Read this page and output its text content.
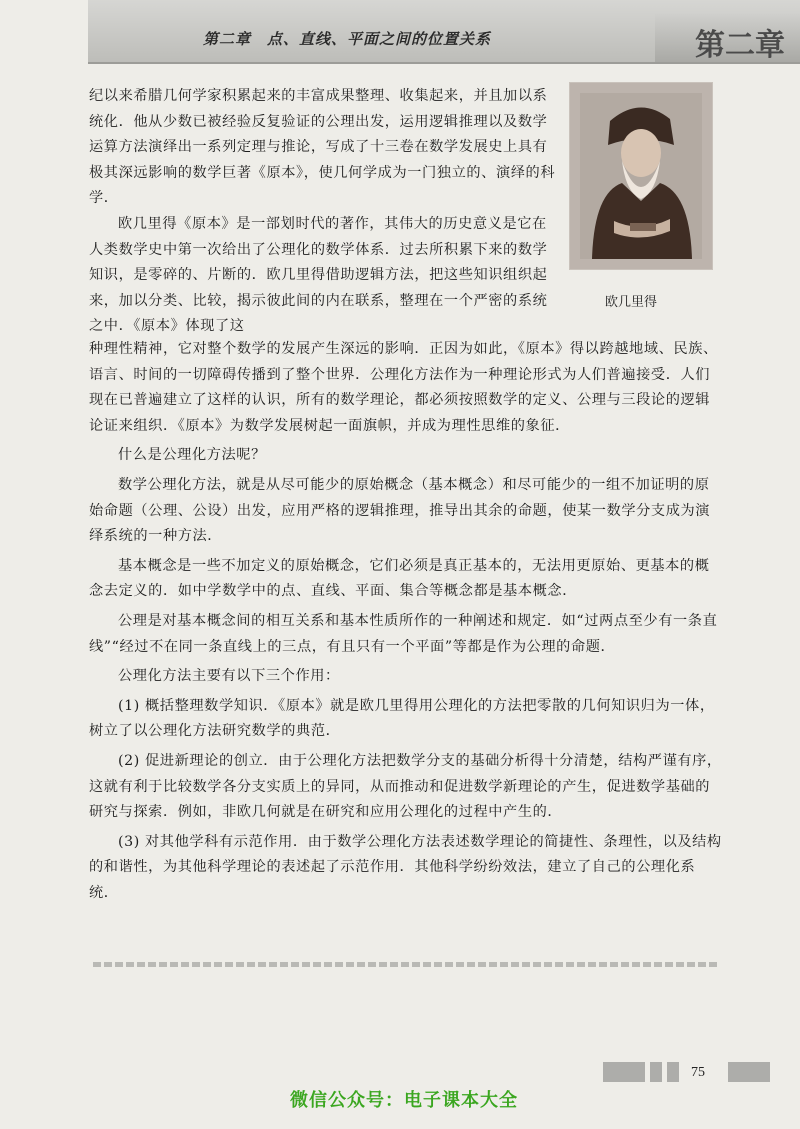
第二章　点、直线、平面之间的位置关系	第二章
欧几里得

纪以来希腊几何学家积累起来的丰富成果整理、收集起来，并且加以系统化．他从少数已被经验反复验证的公理出发，运用逻辑推理以及数学运算方法演绎出一系列定理与推论，写成了十三卷在数学发展史上具有极其深远影响的数学巨著《原本》，使几何学成为一门独立的、演绎的科学．

欧几里得《原本》是一部划时代的著作，其伟大的历史意义是它在人类数学史中第一次给出了公理化的数学体系．过去所积累下来的数学知识，是零碎的、片断的．欧几里得借助逻辑方法，把这些知识组织起来，加以分类、比较，揭示彼此间的内在联系，整理在一个严密的系统之中．《原本》体现了这

种理性精神，它对整个数学的发展产生深远的影响．正因为如此，《原本》得以跨越地域、民族、语言、时间的一切障碍传播到了整个世界．公理化方法作为一种理论形式为人们普遍接受．人们现在已普遍建立了这样的认识，所有的数学理论，都必须按照数学的定义、公理与三段论的逻辑论证来组织．《原本》为数学发展树起一面旗帜，并成为理性思维的象征．

什么是公理化方法呢？

数学公理化方法，就是从尽可能少的原始概念（基本概念）和尽可能少的一组不加证明的原始命题（公理、公设）出发，应用严格的逻辑推理，推导出其余的命题，使某一数学分支成为演绎系统的一种方法．

基本概念是一些不加定义的原始概念，它们必须是真正基本的，无法用更原始、更基本的概念去定义的．如中学数学中的点、直线、平面、集合等概念都是基本概念．

公理是对基本概念间的相互关系和基本性质所作的一种阐述和规定．如“过两点至少有一条直线”“经过不在同一条直线上的三点，有且只有一个平面”等都是作为公理的命题．

公理化方法主要有以下三个作用：

(1) 概括整理数学知识．《原本》就是欧几里得用公理化的方法把零散的几何知识归为一体，树立了以公理化方法研究数学的典范．

(2) 促进新理论的创立．由于公理化方法把数学分支的基础分析得十分清楚，结构严谨有序，这就有利于比较数学各分支实质上的异同，从而推动和促进数学新理论的产生，促进数学基础的研究与探索．例如，非欧几何就是在研究和应用公理化的过程中产生的．

(3) 对其他学科有示范作用．由于数学公理化方法表述数学理论的简捷性、条理性，以及结构的和谐性，为其他科学理论的表述起了示范作用．其他科学纷纷效法，建立了自己的公理化系统．

75
微信公众号：电子课本大全
